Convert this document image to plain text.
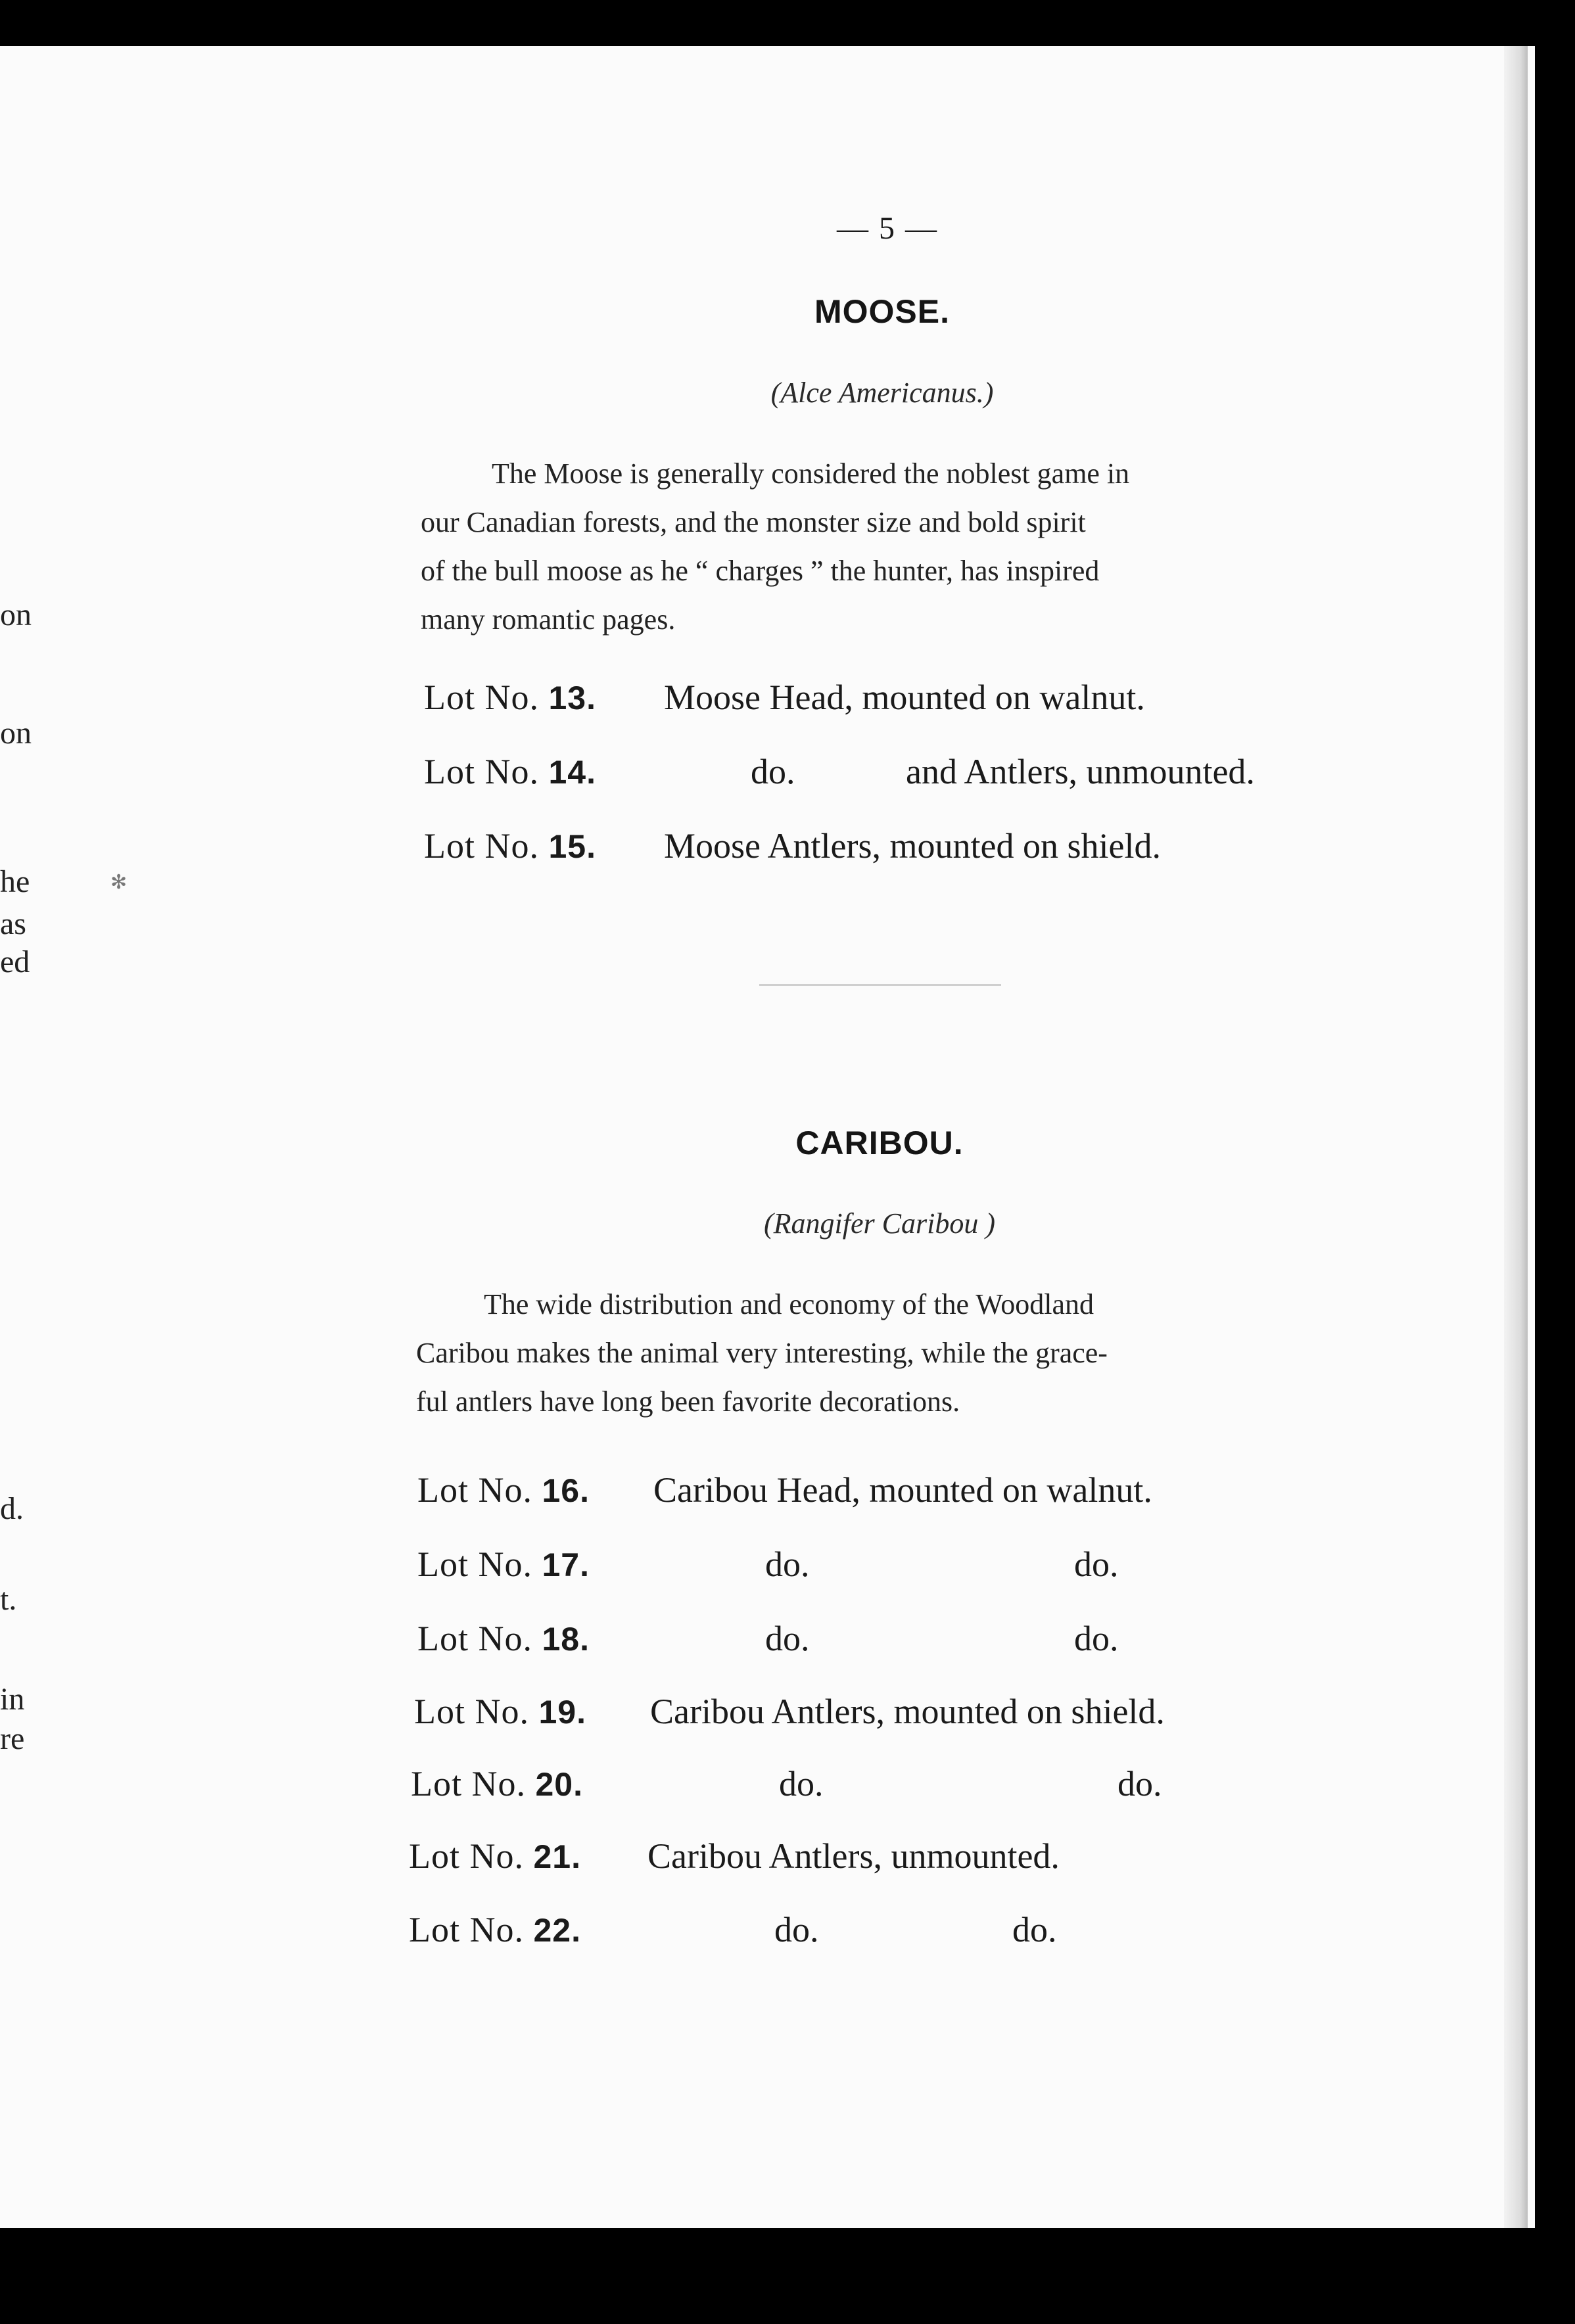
on
on
he
as
ed
d.
t.
in
re
✻
— 5 —
MOOSE.
(Alce Americanus.)
The Moose is generally considered the noblest game in
our Canadian forests, and the monster size and bold spirit
of the bull moose as he “ charges ” the hunter, has inspired
many romantic pages.
Lot No. 13. Moose Head, mounted on walnut.
Lot No. 14.	do.	and Antlers, unmounted.
Lot No. 15. Moose Antlers, mounted on shield.
CARIBOU.
(Rangifer Caribou )
The wide distribution and economy of the Woodland
Caribou makes the animal very interesting, while the grace-
ful antlers have long been favorite decorations.
Lot No. 16. Caribou Head, mounted on walnut.
Lot No. 17.	do.	do.
Lot No. 18.	do.	do.
Lot No. 19. Caribou Antlers, mounted on shield.
Lot No. 20.	do.	do.
Lot No. 21. Caribou Antlers, unmounted.
Lot No. 22.	do.	do.
